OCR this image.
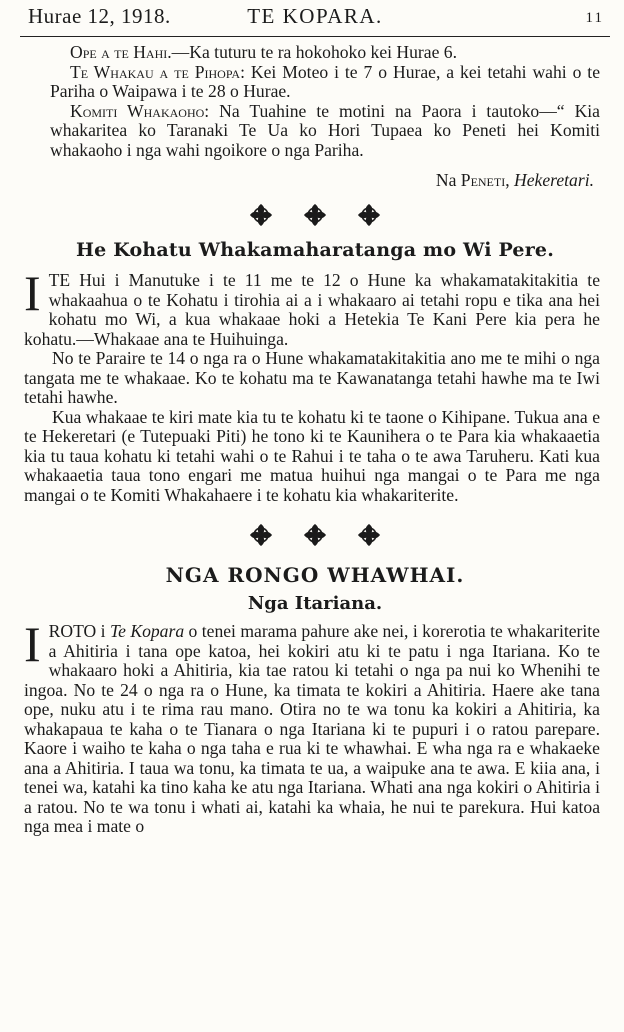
Hurae 12, 1918.	TE KOPARA.	11

Ope a te Hahi.—Ka tuturu te ra hokohoko kei Hurae 6.

Te Whakau a te Pihopa: Kei Moteo i te 7 o Hurae, a kei tetahi wahi o te Pariha o Waipawa i te 28 o Hurae.

Komiti Whakaoho: Na Tuahine te motini na Paora i tautoko—“ Kia whakaritea ko Taranaki Te Ua ko Hori Tupaea ko Peneti hei Komiti whakaoho i nga wahi ngoikore o nga Pariha.

Na Peneti, Hekeretari.
He Kohatu Whakamaharatanga mo Wi Pere.

ITE Hui i Manutuke i te 11 me te 12 o Hune ka whakamatakitakitia te whakaahua o te Kohatu i tirohia ai a i whakaaro ai tetahi ropu e tika ana hei kohatu mo Wi, a kua whakaae hoki a Hetekia Te Kani Pere kia pera he kohatu.—Whakaae ana te Huihuinga.

No te Paraire te 14 o nga ra o Hune whakamatakitakitia ano me te mihi o nga tangata me te whakaae. Ko te kohatu ma te Kawanatanga tetahi hawhe ma te Iwi tetahi hawhe.

Kua whakaae te kiri mate kia tu te kohatu ki te taone o Kihipane. Tukua ana e te Hekeretari (e Tutepuaki Piti) he tono ki te Kaunihera o te Para kia whakaaetia kia tu taua kohatu ki tetahi wahi o te Rahui i te taha o te awa Taruheru. Kati kua whakaaetia taua tono engari me matua huihui nga mangai o te Para me nga mangai o te Komiti Whakahaere i te kohatu kia whakariterite.

NGA RONGO WHAWHAI.
Nga Itariana.

IROTO i Te Kopara o tenei marama pahure ake nei, i korerotia te whakariterite a Ahitiria i tana ope katoa, hei kokiri atu ki te patu i nga Itariana. Ko te whakaaro hoki a Ahitiria, kia tae ratou ki tetahi o nga pa nui ko Whenihi te ingoa. No te 24 o nga ra o Hune, ka timata te kokiri a Ahitiria. Haere ake tana ope, nuku atu i te rima rau mano. Otira no te wa tonu ka kokiri a Ahitiria, ka whakapaua te kaha o te Tianara o nga Itariana ki te pupuri i o ratou parepare. Kaore i waiho te kaha o nga taha e rua ki te whawhai. E wha nga ra e whakaeke ana a Ahitiria. I taua wa tonu, ka timata te ua, a waipuke ana te awa. E kiia ana, i tenei wa, katahi ka tino kaha ke atu nga Itariana. Whati ana nga kokiri o Ahitiria i a ratou. No te wa tonu i whati ai, katahi ka whaia, he nui te parekura. Hui katoa nga mea i mate o
